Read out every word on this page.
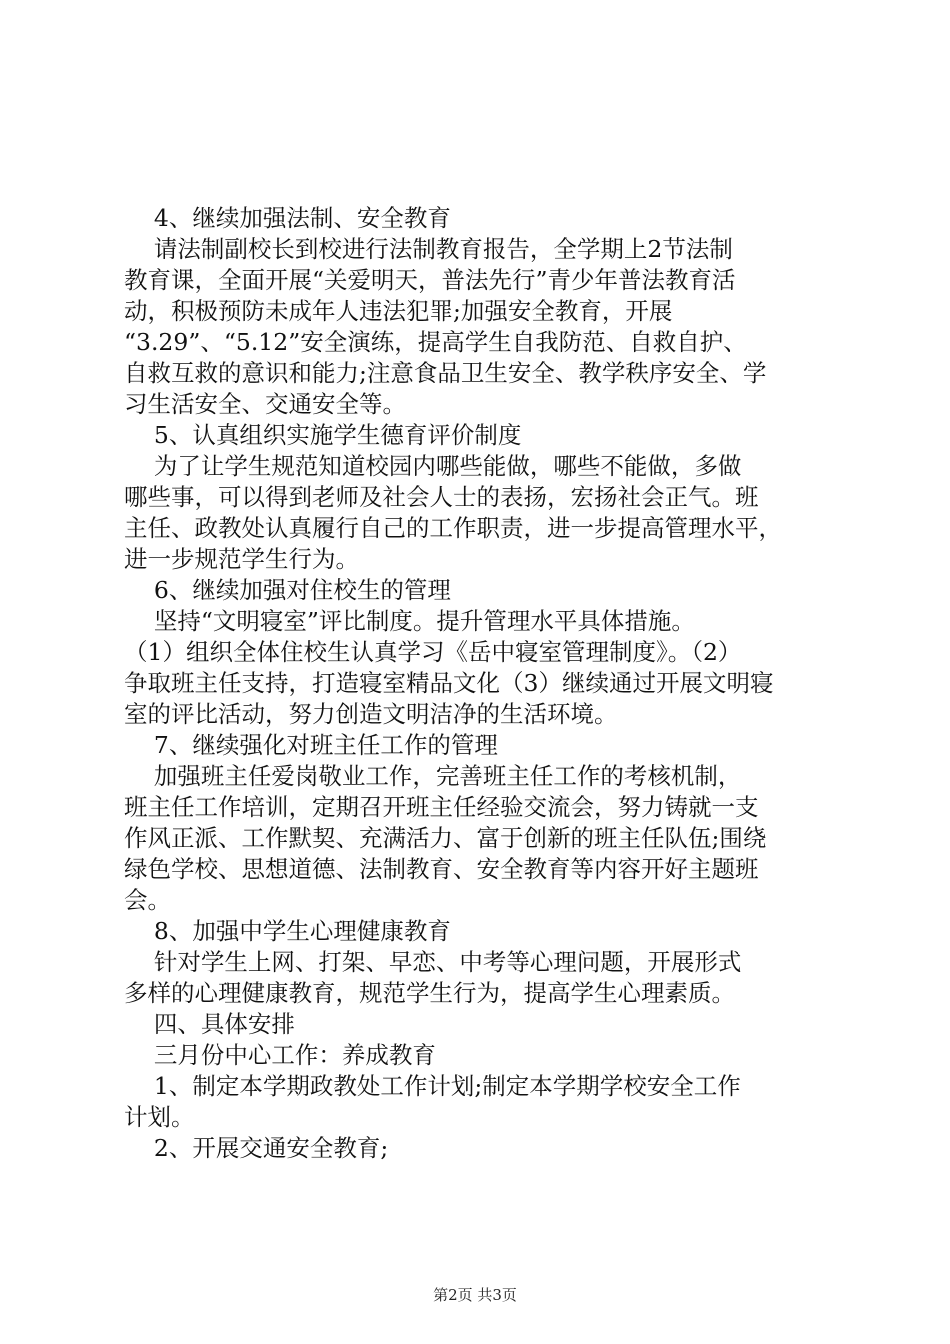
4、继续加强法制、安全教育

请法制副校长到校进行法制教育报告，全学期上2节法制

教育课，全面开展“关爱明天，普法先行”青少年普法教育活

动，积极预防未成年人违法犯罪;加强安全教育，开展

“3.29”、“5.12”安全演练，提高学生自我防范、自救自护、

自救互救的意识和能力;注意食品卫生安全、教学秩序安全、学

习生活安全、交通安全等。

5、认真组织实施学生德育评价制度

为了让学生规范知道校园内哪些能做，哪些不能做，多做

哪些事，可以得到老师及社会人士的表扬，宏扬社会正气。班

主任、政教处认真履行自己的工作职责，进一步提高管理水平，

进一步规范学生行为。

6、继续加强对住校生的管理

坚持“文明寝室”评比制度。提升管理水平具体措施。

（1）组织全体住校生认真学习《岳中寝室管理制度》。（2）

争取班主任支持，打造寝室精品文化（3）继续通过开展文明寝

室的评比活动，努力创造文明洁净的生活环境。

7、继续强化对班主任工作的管理

加强班主任爱岗敬业工作，完善班主任工作的考核机制，

班主任工作培训，定期召开班主任经验交流会，努力铸就一支

作风正派、工作默契、充满活力、富于创新的班主任队伍;围绕

绿色学校、思想道德、法制教育、安全教育等内容开好主题班

会。

8、加强中学生心理健康教育

针对学生上网、打架、早恋、中考等心理问题，开展形式

多样的心理健康教育，规范学生行为，提高学生心理素质。

四、具体安排

三月份中心工作：养成教育

1、制定本学期政教处工作计划;制定本学期学校安全工作

计划。

2、开展交通安全教育;

第2页 共3页
